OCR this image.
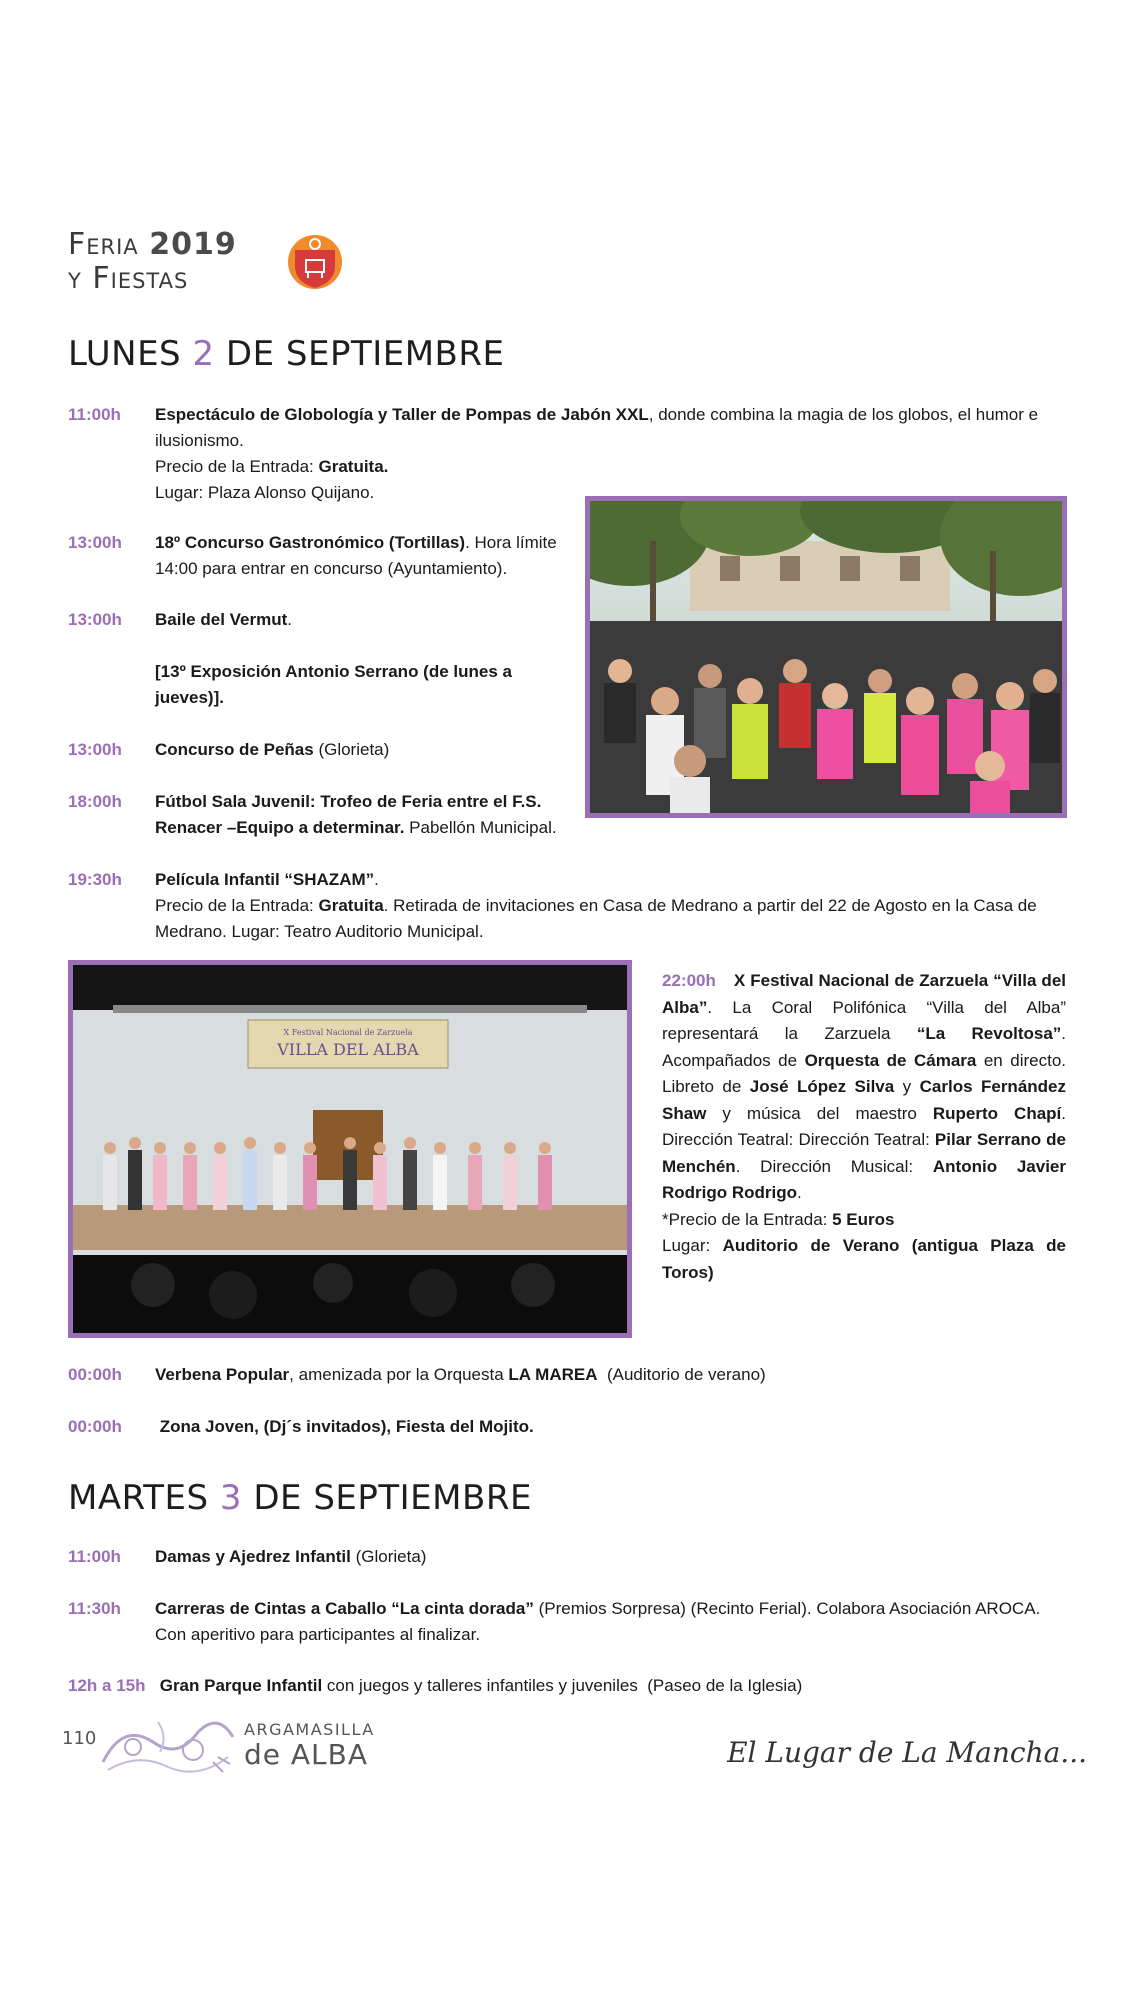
Feria 2019
y Fiestas
LUNES 2 DE SEPTIEMBRE
11:00h	Espectáculo de Globología y Taller de Pompas de Jabón XXL, donde combina la magia de los globos, el humor e ilusionismo.
Precio de la Entrada: Gratuita.
Lugar: Plaza Alonso Quijano.
13:00h	18º Concurso Gastronómico (Tortillas). Hora límite 14:00 para entrar en concurso (Ayuntamiento).
13:00h	Baile del Vermut.
[13º Exposición Antonio Serrano (de lunes a jueves)].
13:00h	Concurso de Peñas (Glorieta)
18:00h	Fútbol Sala Juvenil: Trofeo de Feria entre el F.S. Renacer –Equipo a determinar. Pabellón Municipal.
19:30h	Película Infantil “SHAZAM”.
Precio de la Entrada: Gratuita. Retirada de invitaciones en Casa de Medrano a partir del 22 de Agosto en la Casa de Medrano. Lugar: Teatro Auditorio Municipal.
X Festival Nacional de Zarzuela
VILLA DEL ALBA
22:00h X Festival Nacional de Zarzuela “Villa del Alba”. La Coral Polifónica “Villa del Alba” representará la Zarzuela “La Revoltosa”. Acompañados de Orquesta de Cámara en directo. Libreto de José López Silva y Carlos Fernández Shaw y música del maestro Ruperto Chapí. Dirección Teatral: Dirección Teatral: Pilar Serrano de Menchén. Dirección Musical: Antonio Javier Rodrigo Rodrigo.
*Precio de la Entrada: 5 Euros
Lugar: Auditorio de Verano (antigua Plaza de Toros)
00:00h	Verbena Popular, amenizada por la Orquesta LA MAREA  (Auditorio de verano)
00:00h	Zona Joven, (Dj´s invitados), Fiesta del Mojito.
MARTES 3 DE SEPTIEMBRE
11:00h	Damas y Ajedrez Infantil (Glorieta)
11:30h	Carreras de Cintas a Caballo “La cinta dorada” (Premios Sorpresa) (Recinto Ferial). Colabora Asociación AROCA. Con aperitivo para participantes al finalizar.
12h a 15h Gran Parque Infantil con juegos y talleres infantiles y juveniles  (Paseo de la Iglesia)
110	ARGAMASILLA
de ALBA	El Lugar de La Mancha...
